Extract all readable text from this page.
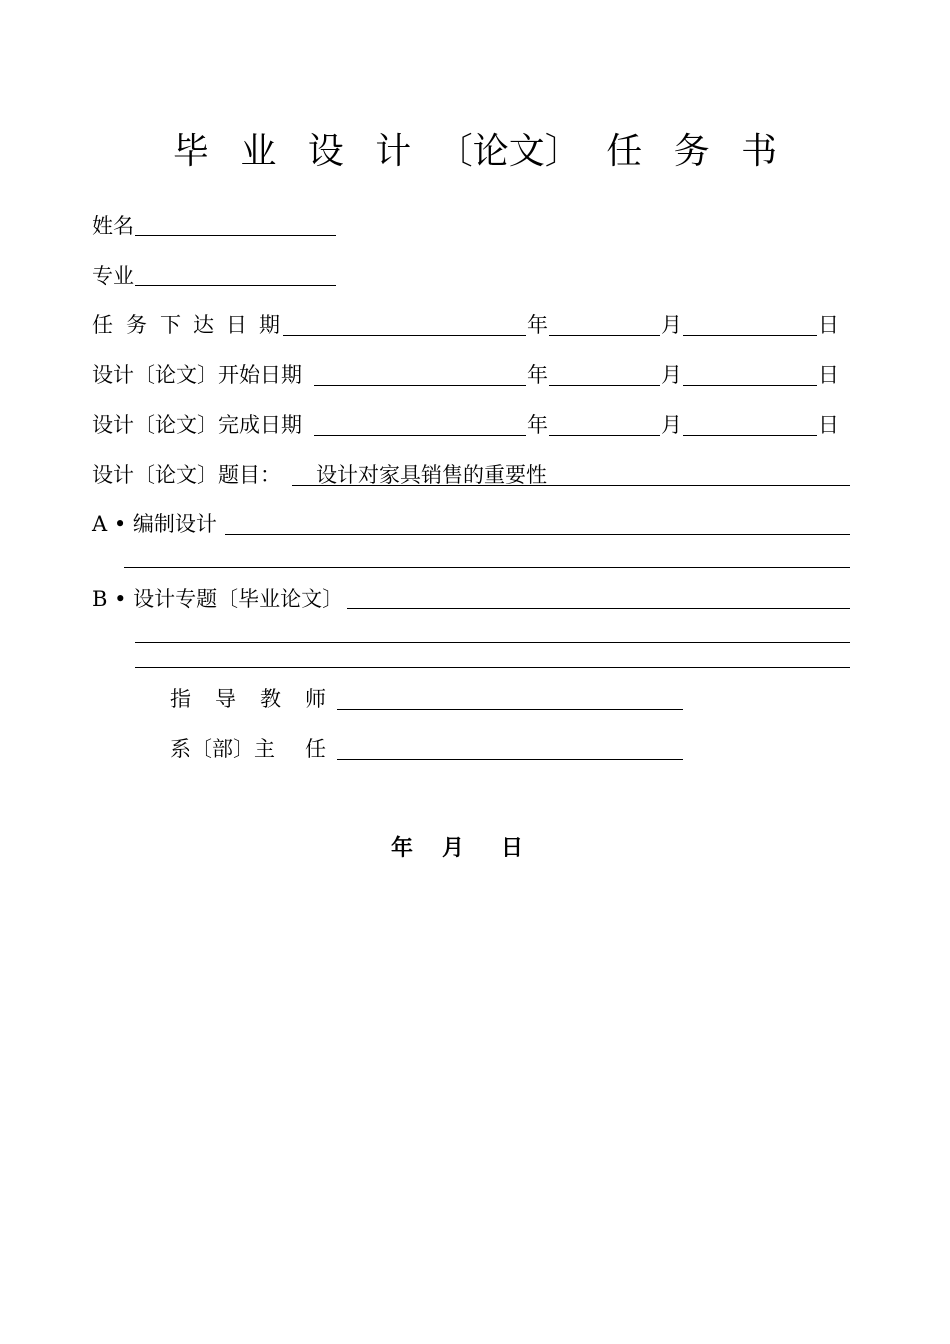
毕 业 设 计 〔论文〕 任 务 书
姓名
专业
任 务 下 达 日 期	年	月	日
设计〔论文〕开始日期	年	月	日
设计〔论文〕完成日期	年	月	日
设计〔论文〕题目： 设计对家具销售的重要性
A • 编制设计
B • 设计专题〔毕业论文〕
指 导 教 师
系〔部〕主 任
年 月 日
